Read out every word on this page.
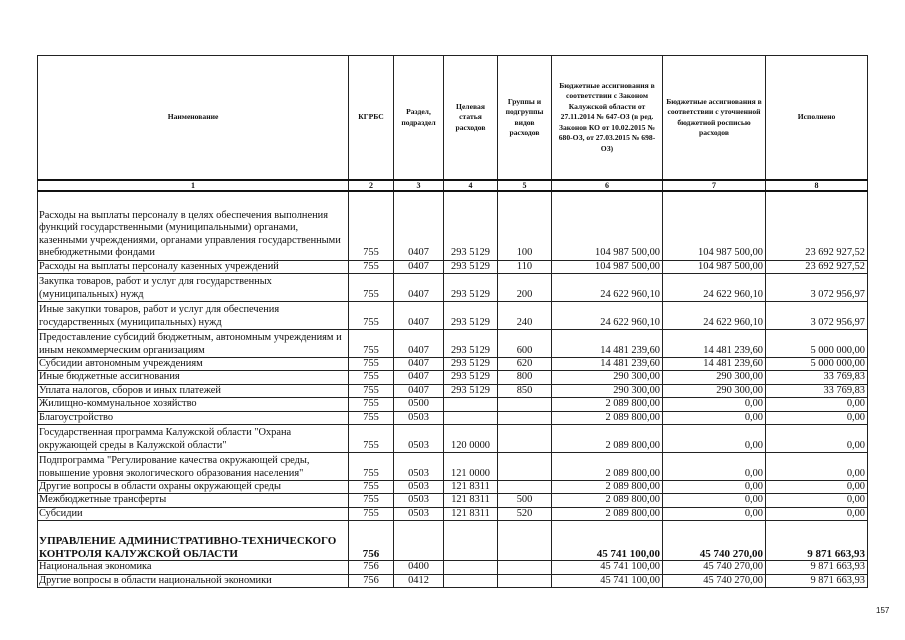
Наименование	КГРБС	Раздел, подраздел	Целевая статья расходов	Группы и подгруппы видов расходов	Бюджетные ассигнования в соответствии с Законом Калужской области от 27.11.2014 № 647-ОЗ (в ред. Законов КО от 10.02.2015 № 680-ОЗ, от 27.03.2015 № 698-ОЗ)	Бюджетные ассигнования в соответствии с уточненной бюджетной росписью расходов	Исполнено
1	2	3	4	5	6	7	8
Расходы на выплаты персоналу в целях обеспечения выполнения функций государственными (муниципальными) органами, казенными учреждениями, органами управления государственными внебюджетными фондами	755	0407	293 5129	100	104 987 500,00	104 987 500,00	23 692 927,52
Расходы на выплаты персоналу казенных учреждений	755	0407	293 5129	110	104 987 500,00	104 987 500,00	23 692 927,52
Закупка товаров, работ и услуг для государственных (муниципальных) нужд	755	0407	293 5129	200	24 622 960,10	24 622 960,10	3 072 956,97
Иные закупки товаров, работ и услуг для обеспечения государственных (муниципальных) нужд	755	0407	293 5129	240	24 622 960,10	24 622 960,10	3 072 956,97
Предоставление субсидий бюджетным, автономным учреждениям и иным некоммерческим организациям	755	0407	293 5129	600	14 481 239,60	14 481 239,60	5 000 000,00
Субсидии автономным учреждениям	755	0407	293 5129	620	14 481 239,60	14 481 239,60	5 000 000,00
Иные бюджетные ассигнования	755	0407	293 5129	800	290 300,00	290 300,00	33 769,83
Уплата налогов, сборов и иных платежей	755	0407	293 5129	850	290 300,00	290 300,00	33 769,83
Жилищно-коммунальное хозяйство	755	0500			2 089 800,00	0,00	0,00
Благоустройство	755	0503			2 089 800,00	0,00	0,00
Государственная программа Калужской области "Охрана окружающей среды в Калужской области"	755	0503	120 0000		2 089 800,00	0,00	0,00
Подпрограмма "Регулирование качества окружающей среды, повышение уровня экологического образования населения"	755	0503	121 0000		2 089 800,00	0,00	0,00
Другие вопросы в области охраны окружающей среды	755	0503	121 8311		2 089 800,00	0,00	0,00
Межбюджетные трансферты	755	0503	121 8311	500	2 089 800,00	0,00	0,00
Субсидии	755	0503	121 8311	520	2 089 800,00	0,00	0,00
УПРАВЛЕНИЕ АДМИНИСТРАТИВНО-ТЕХНИЧЕСКОГО КОНТРОЛЯ КАЛУЖСКОЙ ОБЛАСТИ	756				45 741 100,00	45 740 270,00	9 871 663,93
Национальная экономика	756	0400			45 741 100,00	45 740 270,00	9 871 663,93
Другие вопросы в области национальной экономики	756	0412			45 741 100,00	45 740 270,00	9 871 663,93
157
